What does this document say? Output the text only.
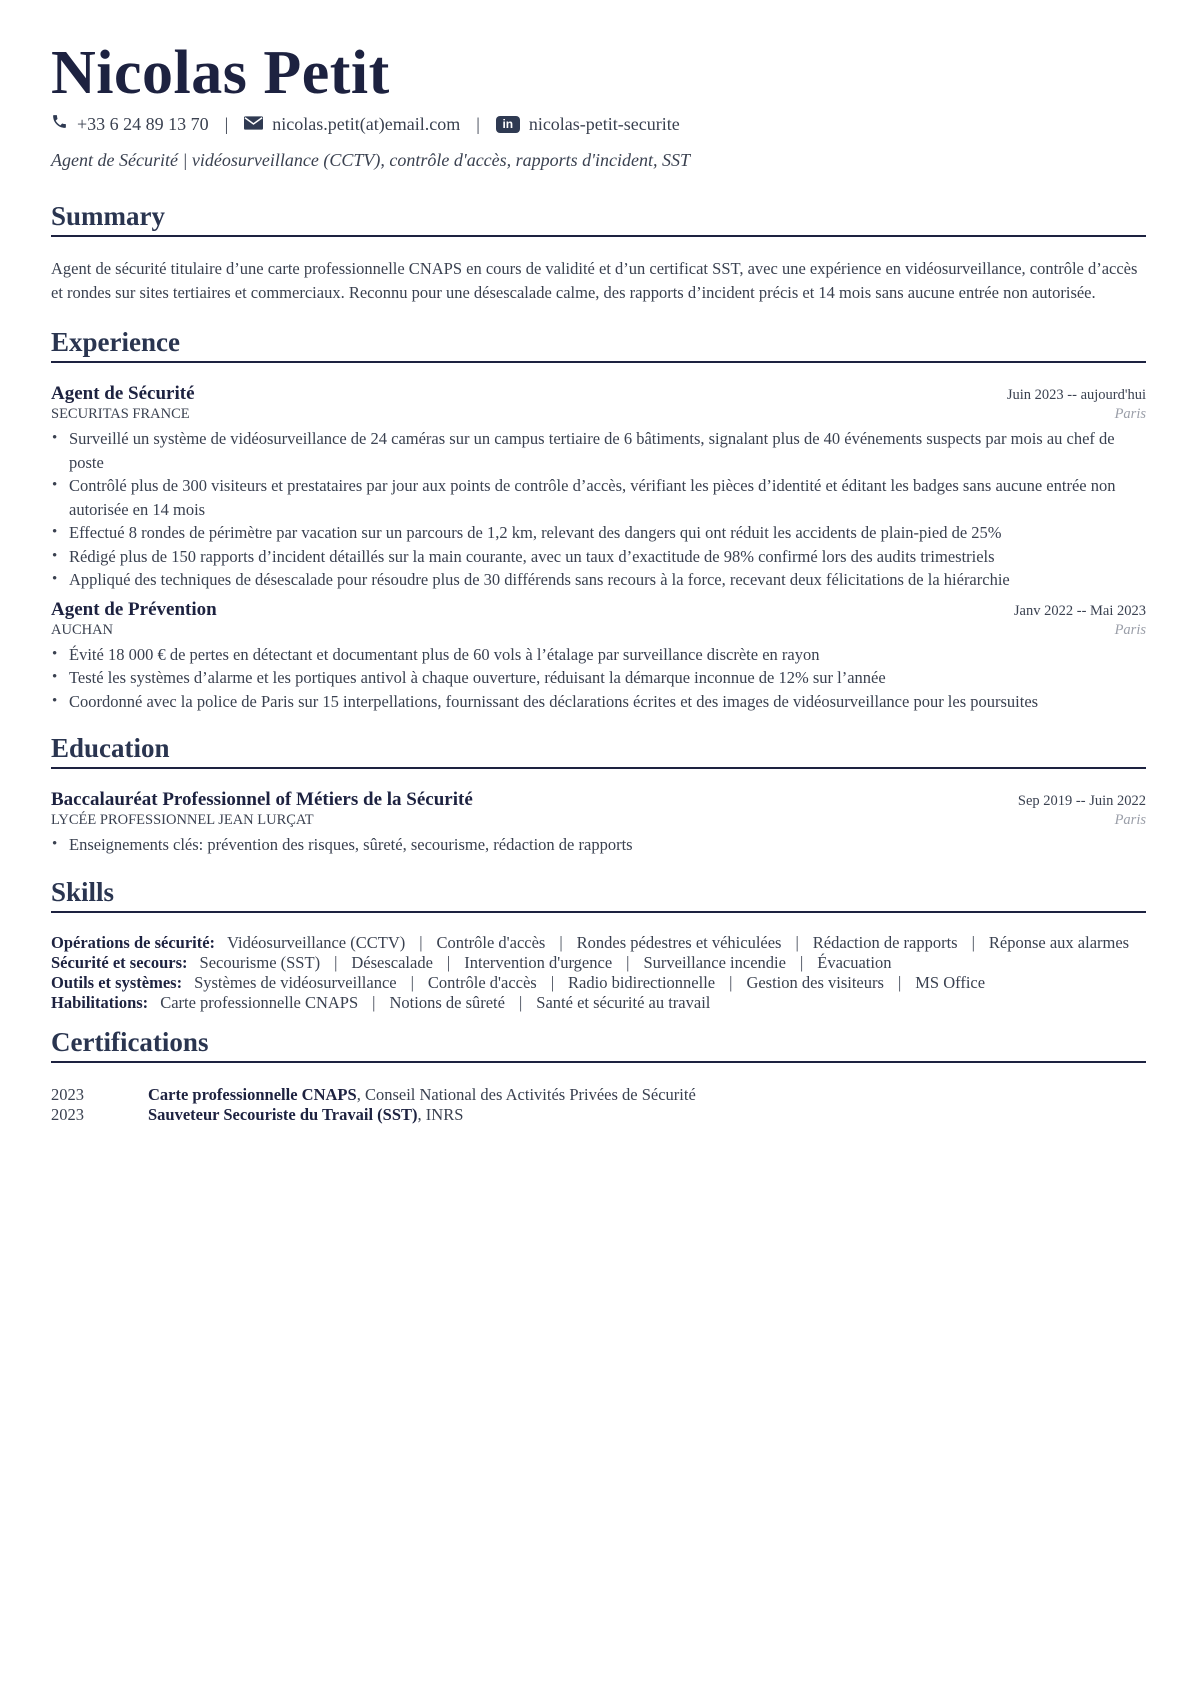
Nicolas Petit
+33 6 24 89 13 70 | nicolas.petit(at)email.com |	in nicolas-petit-securite
Agent de Sécurité | vidéosurveillance (CCTV), contrôle d'accès, rapports d'incident, SST
Summary
Agent de sécurité titulaire d’une carte professionnelle CNAPS en cours de validité et d’un certificat SST, avec une expérience en vidéosurveillance, contrôle d’accès et rondes sur sites tertiaires et commerciaux. Reconnu pour une désescalade calme, des rapports d’incident précis et 14 mois sans aucune entrée non autorisée.
Experience
Agent de Sécurité	Juin 2023 -- aujourd'hui
SECURITAS FRANCE	Paris
• Surveillé un système de vidéosurveillance de 24 caméras sur un campus tertiaire de 6 bâtiments, signalant plus de 40 événements suspects par mois au chef de poste
• Contrôlé plus de 300 visiteurs et prestataires par jour aux points de contrôle d’accès, vérifiant les pièces d’identité et éditant les badges sans aucune entrée non autorisée en 14 mois
• Effectué 8 rondes de périmètre par vacation sur un parcours de 1,2 km, relevant des dangers qui ont réduit les accidents de plain-pied de 25%
• Rédigé plus de 150 rapports d’incident détaillés sur la main courante, avec un taux d’exactitude de 98% confirmé lors des audits trimestriels
• Appliqué des techniques de désescalade pour résoudre plus de 30 différends sans recours à la force, recevant deux félicitations de la hiérarchie
Agent de Prévention	Janv 2022 -- Mai 2023
AUCHAN	Paris
• Évité 18 000 € de pertes en détectant et documentant plus de 60 vols à l’étalage par surveillance discrète en rayon
• Testé les systèmes d’alarme et les portiques antivol à chaque ouverture, réduisant la démarque inconnue de 12% sur l’année
• Coordonné avec la police de Paris sur 15 interpellations, fournissant des déclarations écrites et des images de vidéosurveillance pour les poursuites
Education
Baccalauréat Professionnel of Métiers de la Sécurité	Sep 2019 -- Juin 2022
LYCÉE PROFESSIONNEL JEAN LURÇAT	Paris
• Enseignements clés: prévention des risques, sûreté, secourisme, rédaction de rapports
Skills
Opérations de sécurité: Vidéosurveillance (CCTV) | Contrôle d'accès | Rondes pédestres et véhiculées | Rédaction de rapports | Réponse aux alarmes
Sécurité et secours: Secourisme (SST) | Désescalade | Intervention d'urgence | Surveillance incendie | Évacuation
Outils et systèmes: Systèmes de vidéosurveillance | Contrôle d'accès | Radio bidirectionnelle | Gestion des visiteurs | MS Office
Habilitations: Carte professionnelle CNAPS | Notions de sûreté | Santé et sécurité au travail
Certifications
2023	Carte professionnelle CNAPS, Conseil National des Activités Privées de Sécurité
2023	Sauveteur Secouriste du Travail (SST), INRS
